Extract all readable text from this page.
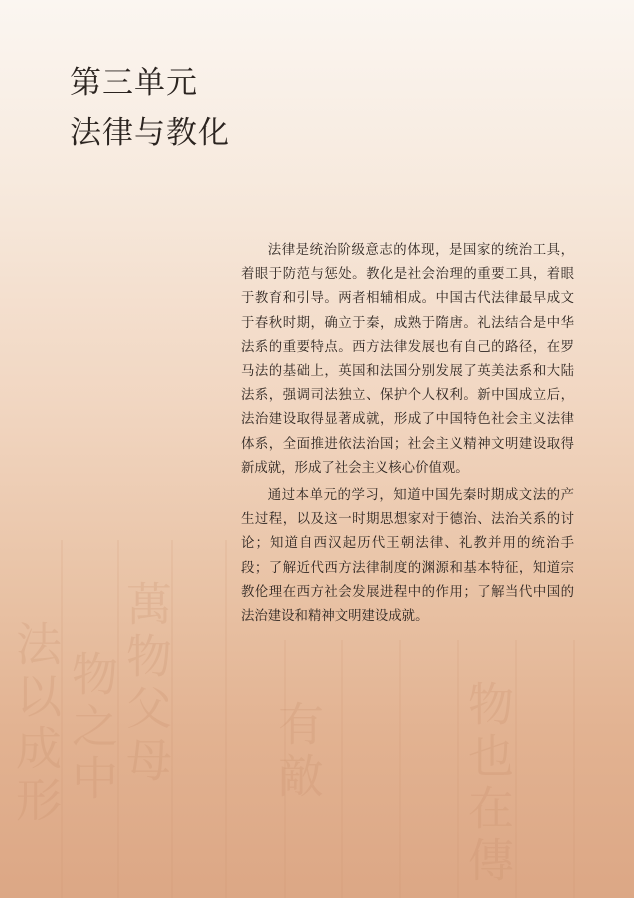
法以成形 物之中 萬物父母 有敵	物也在傳
第三单元
法律与教化

法律是统治阶级意志的体现，是国家的统治工具，着眼于防范与惩处。教化是社会治理的重要工具，着眼于教育和引导。两者相辅相成。中国古代法律最早成文于春秋时期，确立于秦，成熟于隋唐。礼法结合是中华法系的重要特点。西方法律发展也有自己的路径，在罗马法的基础上，英国和法国分别发展了英美法系和大陆法系，强调司法独立、保护个人权利。新中国成立后，法治建设取得显著成就，形成了中国特色社会主义法律体系，全面推进依法治国；社会主义精神文明建设取得新成就，形成了社会主义核心价值观。

通过本单元的学习，知道中国先秦时期成文法的产生过程，以及这一时期思想家对于德治、法治关系的讨论；知道自西汉起历代王朝法律、礼教并用的统治手段；了解近代西方法律制度的渊源和基本特征，知道宗教伦理在西方社会发展进程中的作用；了解当代中国的法治建设和精神文明建设成就。
